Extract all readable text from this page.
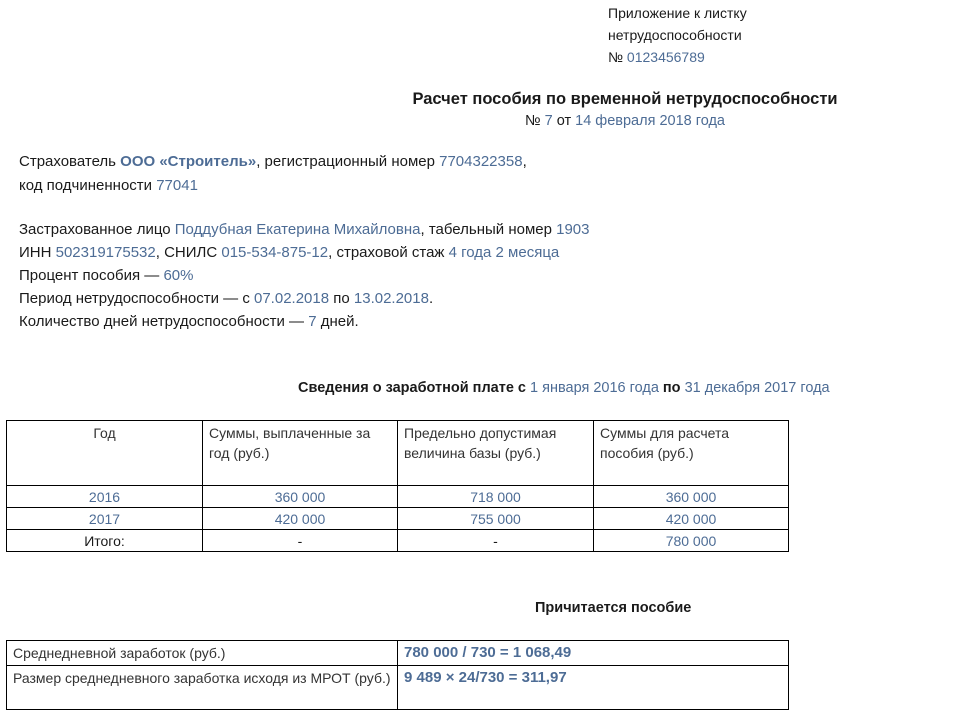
Приложение к листку
нетрудоспособности
№ 0123456789
Расчет пособия по временной нетрудоспособности
№ 7 от 14 февраля 2018 года
Страхователь ООО «Строитель», регистрационный номер 7704322358,
код подчиненности 77041
Застрахованное лицо Поддубная Екатерина Михайловна, табельный номер 1903
ИНН 502319175532, СНИЛС 015-534-875-12, страховой стаж 4 года 2 месяца
Процент пособия — 60%
Период нетрудоспособности — с 07.02.2018 по 13.02.2018.
Количество дней нетрудоспособности — 7 дней.
Сведения о заработной плате с 1 января 2016 года по 31 декабря 2017 года
Год	Суммы, выплаченные за год (руб.)	Предельно допустимая величина базы (руб.)	Суммы для расчета пособия (руб.)
2016	360 000	718 000	360 000
2017	420 000	755 000	420 000
Итого:	-	-	780 000
Причитается пособие
Среднедневной заработок (руб.)	780 000 / 730 = 1 068,49
Размер среднедневного заработка исходя из МРОТ (руб.)	9 489 × 24/730 = 311,97
